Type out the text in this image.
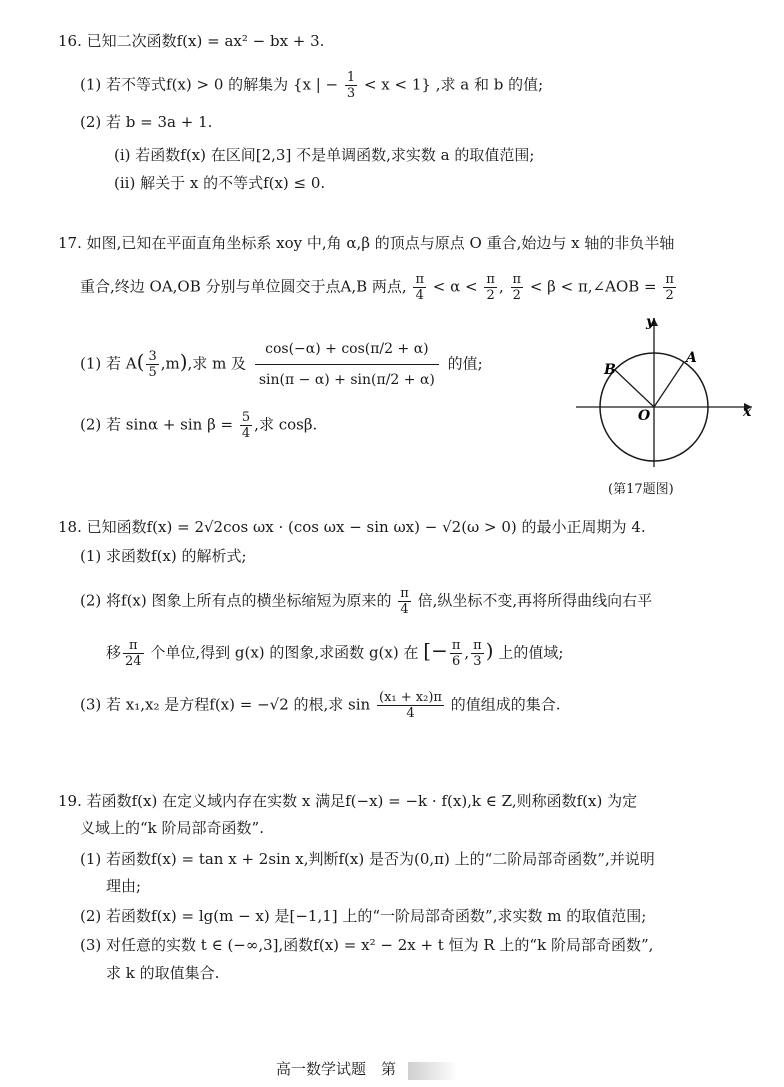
16. 已知二次函数f(x) = ax² − bx + 3.
(1) 若不等式f(x) > 0 的解集为 {x | − $\frac{1}{3} < x < 1$} ,求 a 和 b 的值;
(2) 若 b = 3a + 1.
(i) 若函数f(x) 在区间[2,3] 不是单调函数,求实数 a 的取值范围;
(ii) 解关于 x 的不等式f(x) ≤ 0.
17. 如图,已知在平面直角坐标系 xoy 中,角 α,β 的顶点与原点 O 重合,始边与 x 轴的非负半轴
重合,终边 OA,OB 分别与单位圆交于点A,B 两点, $\frac{\pi}{4} < \alpha < \frac{\pi}{2}$ , $\frac{\pi}{2} < \beta$ < π,∠AOB = $\frac{\pi}{2}$
(1) 若 $A( \frac{3}{5} ,m)$,求 m 及 $\frac{\cos(-\alpha) + \cos(\pi/2 + \alpha)}{\sin(\pi - \alpha) + \sin(\pi/2 + \alpha)}$ 的值;
(2) 若 $\sin\alpha + \sin \beta = \frac{5}{4}$ ,求 cosβ.
y
x
O
A
B
(第17题图)
18. 已知函数f(x) = 2√2cos ωx · (cos ωx − sin ωx) − √2(ω > 0) 的最小正周期为 4.
(1) 求函数f(x) 的解析式;
(2) 将f(x) 图象上所有点的横坐标缩短为原来的 $\frac{\pi}{4}$ 倍,纵坐标不变,再将所得曲线向右平
移 $\frac{\pi}{24}$ 个单位,得到 g(x) 的图象,求函数 g(x) 在 [− $\frac{\pi}{6}$ , $\frac{\pi}{3}$ ) 上的值域;
(3) 若 x₁,x₂ 是方程f(x) = −√2 的根,求 $\sin \frac{\text{(x₁ + x₂)π}}{4}$ 的值组成的集合.
19. 若函数f(x) 在定义域内存在实数 x 满足f(−x) = −k · f(x),k ∈ Z,则称函数f(x) 为定
义域上的“k 阶局部奇函数”.
(1) 若函数f(x) = tan x + 2sin x,判断f(x) 是否为(0,π) 上的“二阶局部奇函数”,并说明
理由;
(2) 若函数f(x) = lg(m − x) 是[−1,1] 上的“一阶局部奇函数”,求实数 m 的取值范围;
(3) 对任意的实数 t ∈ (−∞,3],函数f(x) = x² − 2x + t 恒为 R 上的“k 阶局部奇函数”,
求 k 的取值集合.
高一数学试题　第
